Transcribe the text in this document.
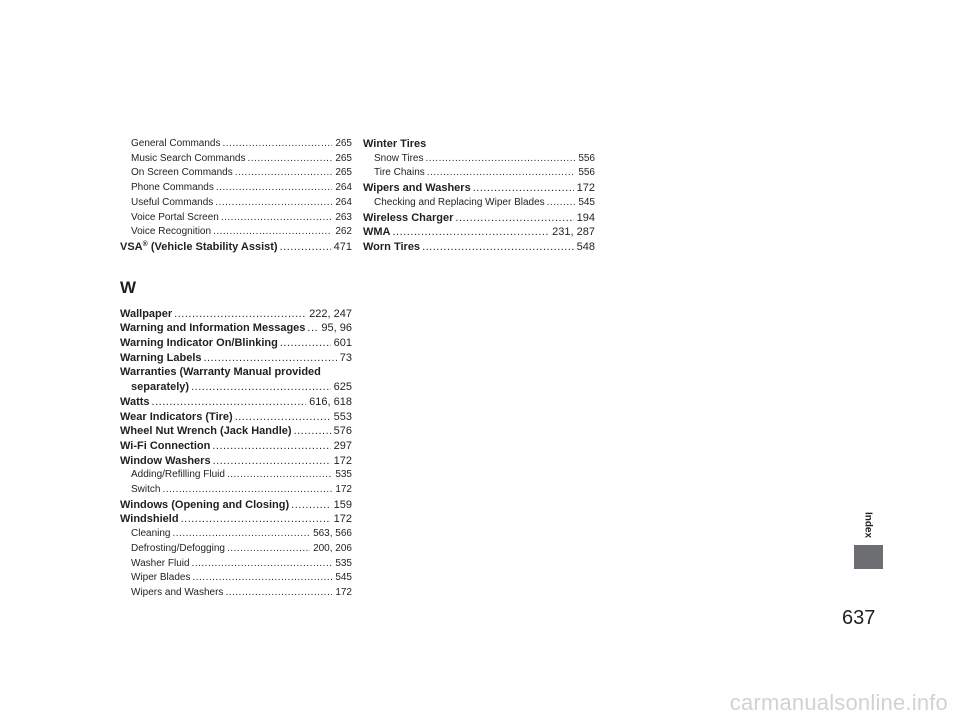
General Commands .....	265
Music Search Commands .....	265
On Screen Commands .....	265
Phone Commands .....	264
Useful Commands .....	264
Voice Portal Screen .....	263
Voice Recognition .....	262
VSA® (Vehicle Stability Assist) .....	471
W
Wallpaper .....	222, 247
Warning and Information Messages ..... 95, 96
Warning Indicator On/Blinking .....	601
Warning Labels .....	73
Warranties (Warranty Manual provided
separately) .....	625
Watts .....	616, 618
Wear Indicators (Tire) .....	553
Wheel Nut Wrench (Jack Handle) .....	576
Wi-Fi Connection .....	297
Window Washers .....	172
Adding/Refilling Fluid .....	535
Switch .....	172
Windows (Opening and Closing) .....	159
Windshield .....	172
Cleaning .....	563, 566
Defrosting/Defogging .....	200, 206
Washer Fluid .....	535
Wiper Blades .....	545
Wipers and Washers .....	172
Winter Tires
Snow Tires .....	556
Tire Chains .....	556
Wipers and Washers .....	172
Checking and Replacing Wiper Blades .....	545
Wireless Charger .....	194
WMA .....	231, 287
Worn Tires .....	548
Index
637
carmanualsonline.info
